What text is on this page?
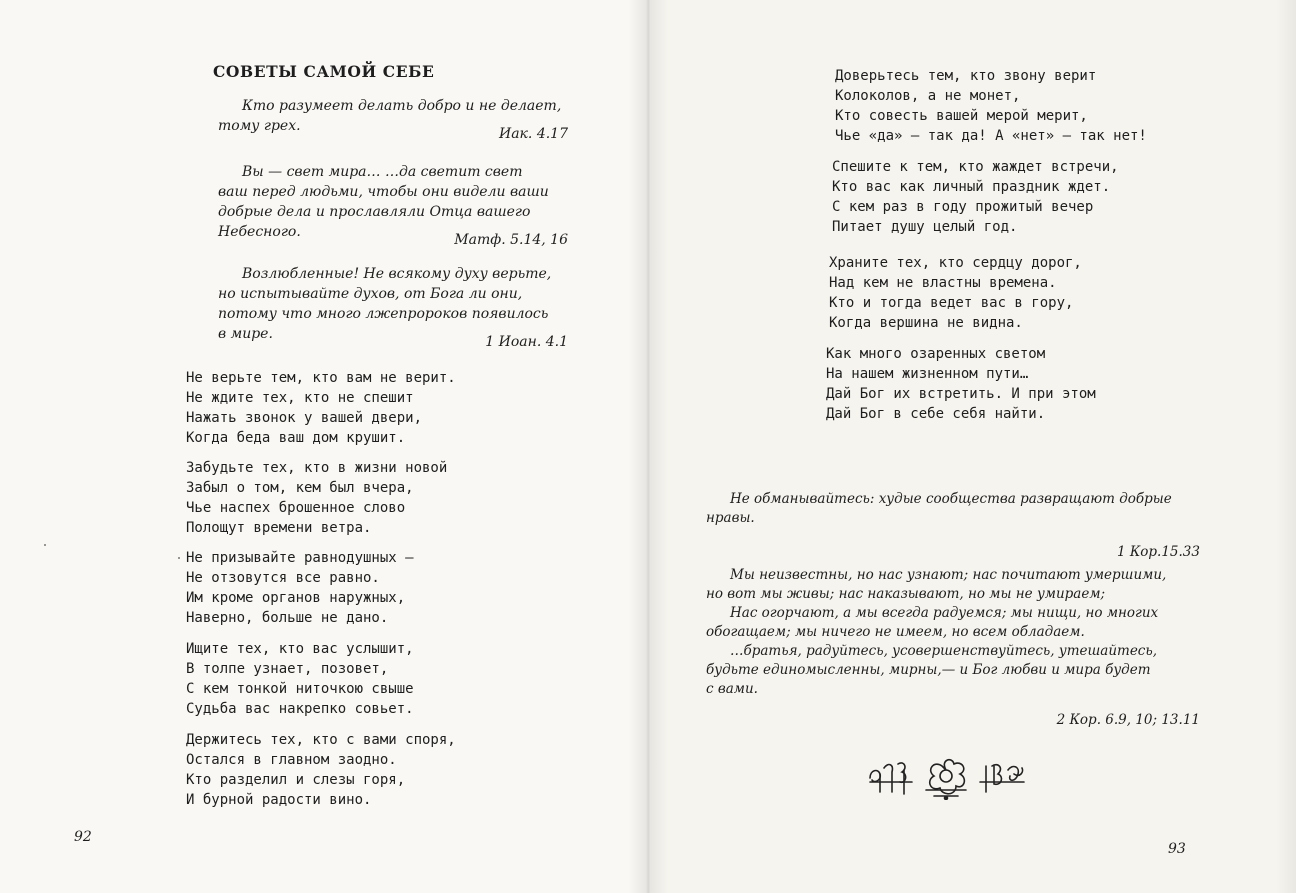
СОВЕТЫ САМОЙ СЕБЕ
Кто разумеет делать добро и не делает,
тому грех.	Иак. 4.17
Вы — свет мира… …да светит свет
ваш перед людьми, чтобы они видели ваши
добрые дела и прославляли Отца вашего
Небесного.	Матф. 5.14, 16
Возлюбленные! Не всякому духу верьте,
но испытывайте духов, от Бога ли они,
потому что много лжепророков появилось
в мире.	1 Иоан. 4.1
Не верьте тем, кто вам не верит.
Не ждите тех, кто не спешит
Нажать звонок у вашей двери,
Когда беда ваш дом крушит.
Забудьте тех, кто в жизни новой
Забыл о том, кем был вчера,
Чье наспех брошенное слово
Полощут времени ветра.
Не призывайте равнодушных —
Не отзовутся все равно.
Им кроме органов наружных,
Наверно, больше не дано.
Ищите тех, кто вас услышит,
В толпе узнает, позовет,
С кем тонкой ниточкою свыше
Судьба вас накрепко совьет.
Держитесь тех, кто с вами споря,
Остался в главном заодно.
Кто разделил и слезы горя,
И бурной радости вино.
92
Доверьтесь тем, кто звону верит
Колоколов, а не монет,
Кто совесть вашей мерой мерит,
Чье «да» — так да! А «нет» — так нет!
Спешите к тем, кто жаждет встречи,
Кто вас как личный праздник ждет.
С кем раз в году прожитый вечер
Питает душу целый год.
Храните тех, кто сердцу дорог,
Над кем не властны времена.
Кто и тогда ведет вас в гору,
Когда вершина не видна.
Как много озаренных светом
На нашем жизненном пути…
Дай Бог их встретить. И при этом
Дай Бог в себе себя найти.
Не обманывайтесь: худые сообщества развращают добрые
нравы.
1 Кор.15.33
Мы неизвестны, но нас узнают; нас почитают умершими,
но вот мы живы; нас наказывают, но мы не умираем;
Нас огорчают, а мы всегда радуемся; мы нищи, но многих
обогащаем; мы ничего не имеем, но всем обладаем.
…братья, радуйтесь, усовершенствуйтесь, утешайтесь,
будьте единомысленны, мирны,— и Бог любви и мира будет
с вами.
2 Кор. 6.9, 10; 13.11
93
